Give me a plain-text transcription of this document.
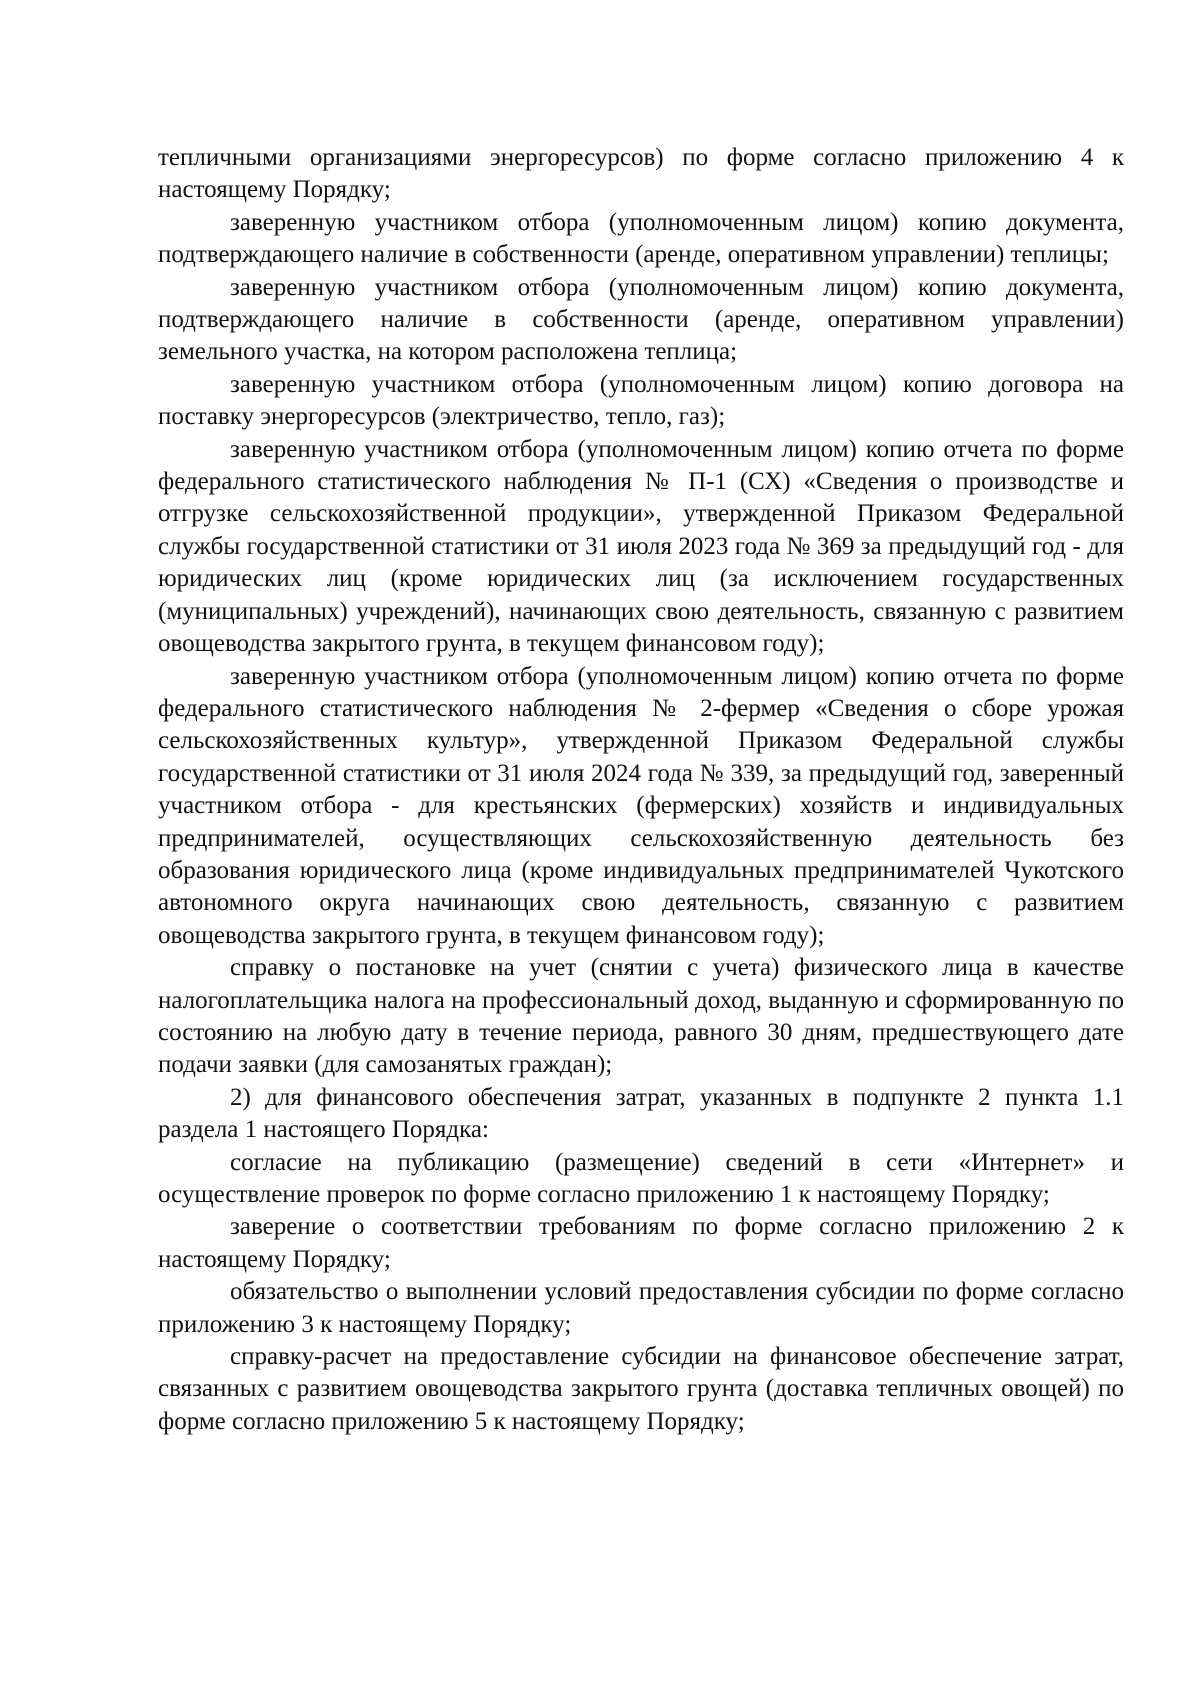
тепличными организациями энергоресурсов) по форме согласно приложению 4 к настоящему Порядку;

заверенную участником отбора (уполномоченным лицом) копию документа, подтверждающего наличие в собственности (аренде, оперативном управлении) теплицы;

заверенную участником отбора (уполномоченным лицом) копию документа, подтверждающего наличие в собственности (аренде, оперативном управлении) земельного участка, на котором расположена теплица;

заверенную участником отбора (уполномоченным лицом) копию договора на поставку энергоресурсов (электричество, тепло, газ);

заверенную участником отбора (уполномоченным лицом) копию отчета по форме федерального статистического наблюдения № П-1 (СХ) «Сведения о производстве и отгрузке сельскохозяйственной продукции», утвержденной Приказом Федеральной службы государственной статистики от 31 июля 2023 года № 369 за предыдущий год - для юридических лиц (кроме юридических лиц (за исключением государственных (муниципальных) учреждений), начинающих свою деятельность, связанную с развитием овощеводства закрытого грунта, в текущем финансовом году);

заверенную участником отбора (уполномоченным лицом) копию отчета по форме федерального статистического наблюдения № 2-фермер «Сведения о сборе урожая сельскохозяйственных культур», утвержденной Приказом Федеральной службы государственной статистики от 31 июля 2024 года № 339, за предыдущий год, заверенный участником отбора - для крестьянских (фермерских) хозяйств и индивидуальных предпринимателей, осуществляющих сельскохозяйственную деятельность без образования юридического лица (кроме индивидуальных предпринимателей Чукотского автономного округа начинающих свою деятельность, связанную с развитием овощеводства закрытого грунта, в текущем финансовом году);

справку о постановке на учет (снятии с учета) физического лица в качестве налогоплательщика налога на профессиональный доход, выданную и сформированную по состоянию на любую дату в течение периода, равного 30 дням, предшествующего дате подачи заявки (для самозанятых граждан);

2) для финансового обеспечения затрат, указанных в подпункте 2 пункта 1.1 раздела 1 настоящего Порядка:

согласие на публикацию (размещение) сведений в сети «Интернет» и осуществление проверок по форме согласно приложению 1 к настоящему Порядку;

заверение о соответствии требованиям по форме согласно приложению 2 к настоящему Порядку;

обязательство о выполнении условий предоставления субсидии по форме согласно приложению 3 к настоящему Порядку;

справку-расчет на предоставление субсидии на финансовое обеспечение затрат, связанных с развитием овощеводства закрытого грунта (доставка тепличных овощей) по форме согласно приложению 5 к настоящему Порядку;
